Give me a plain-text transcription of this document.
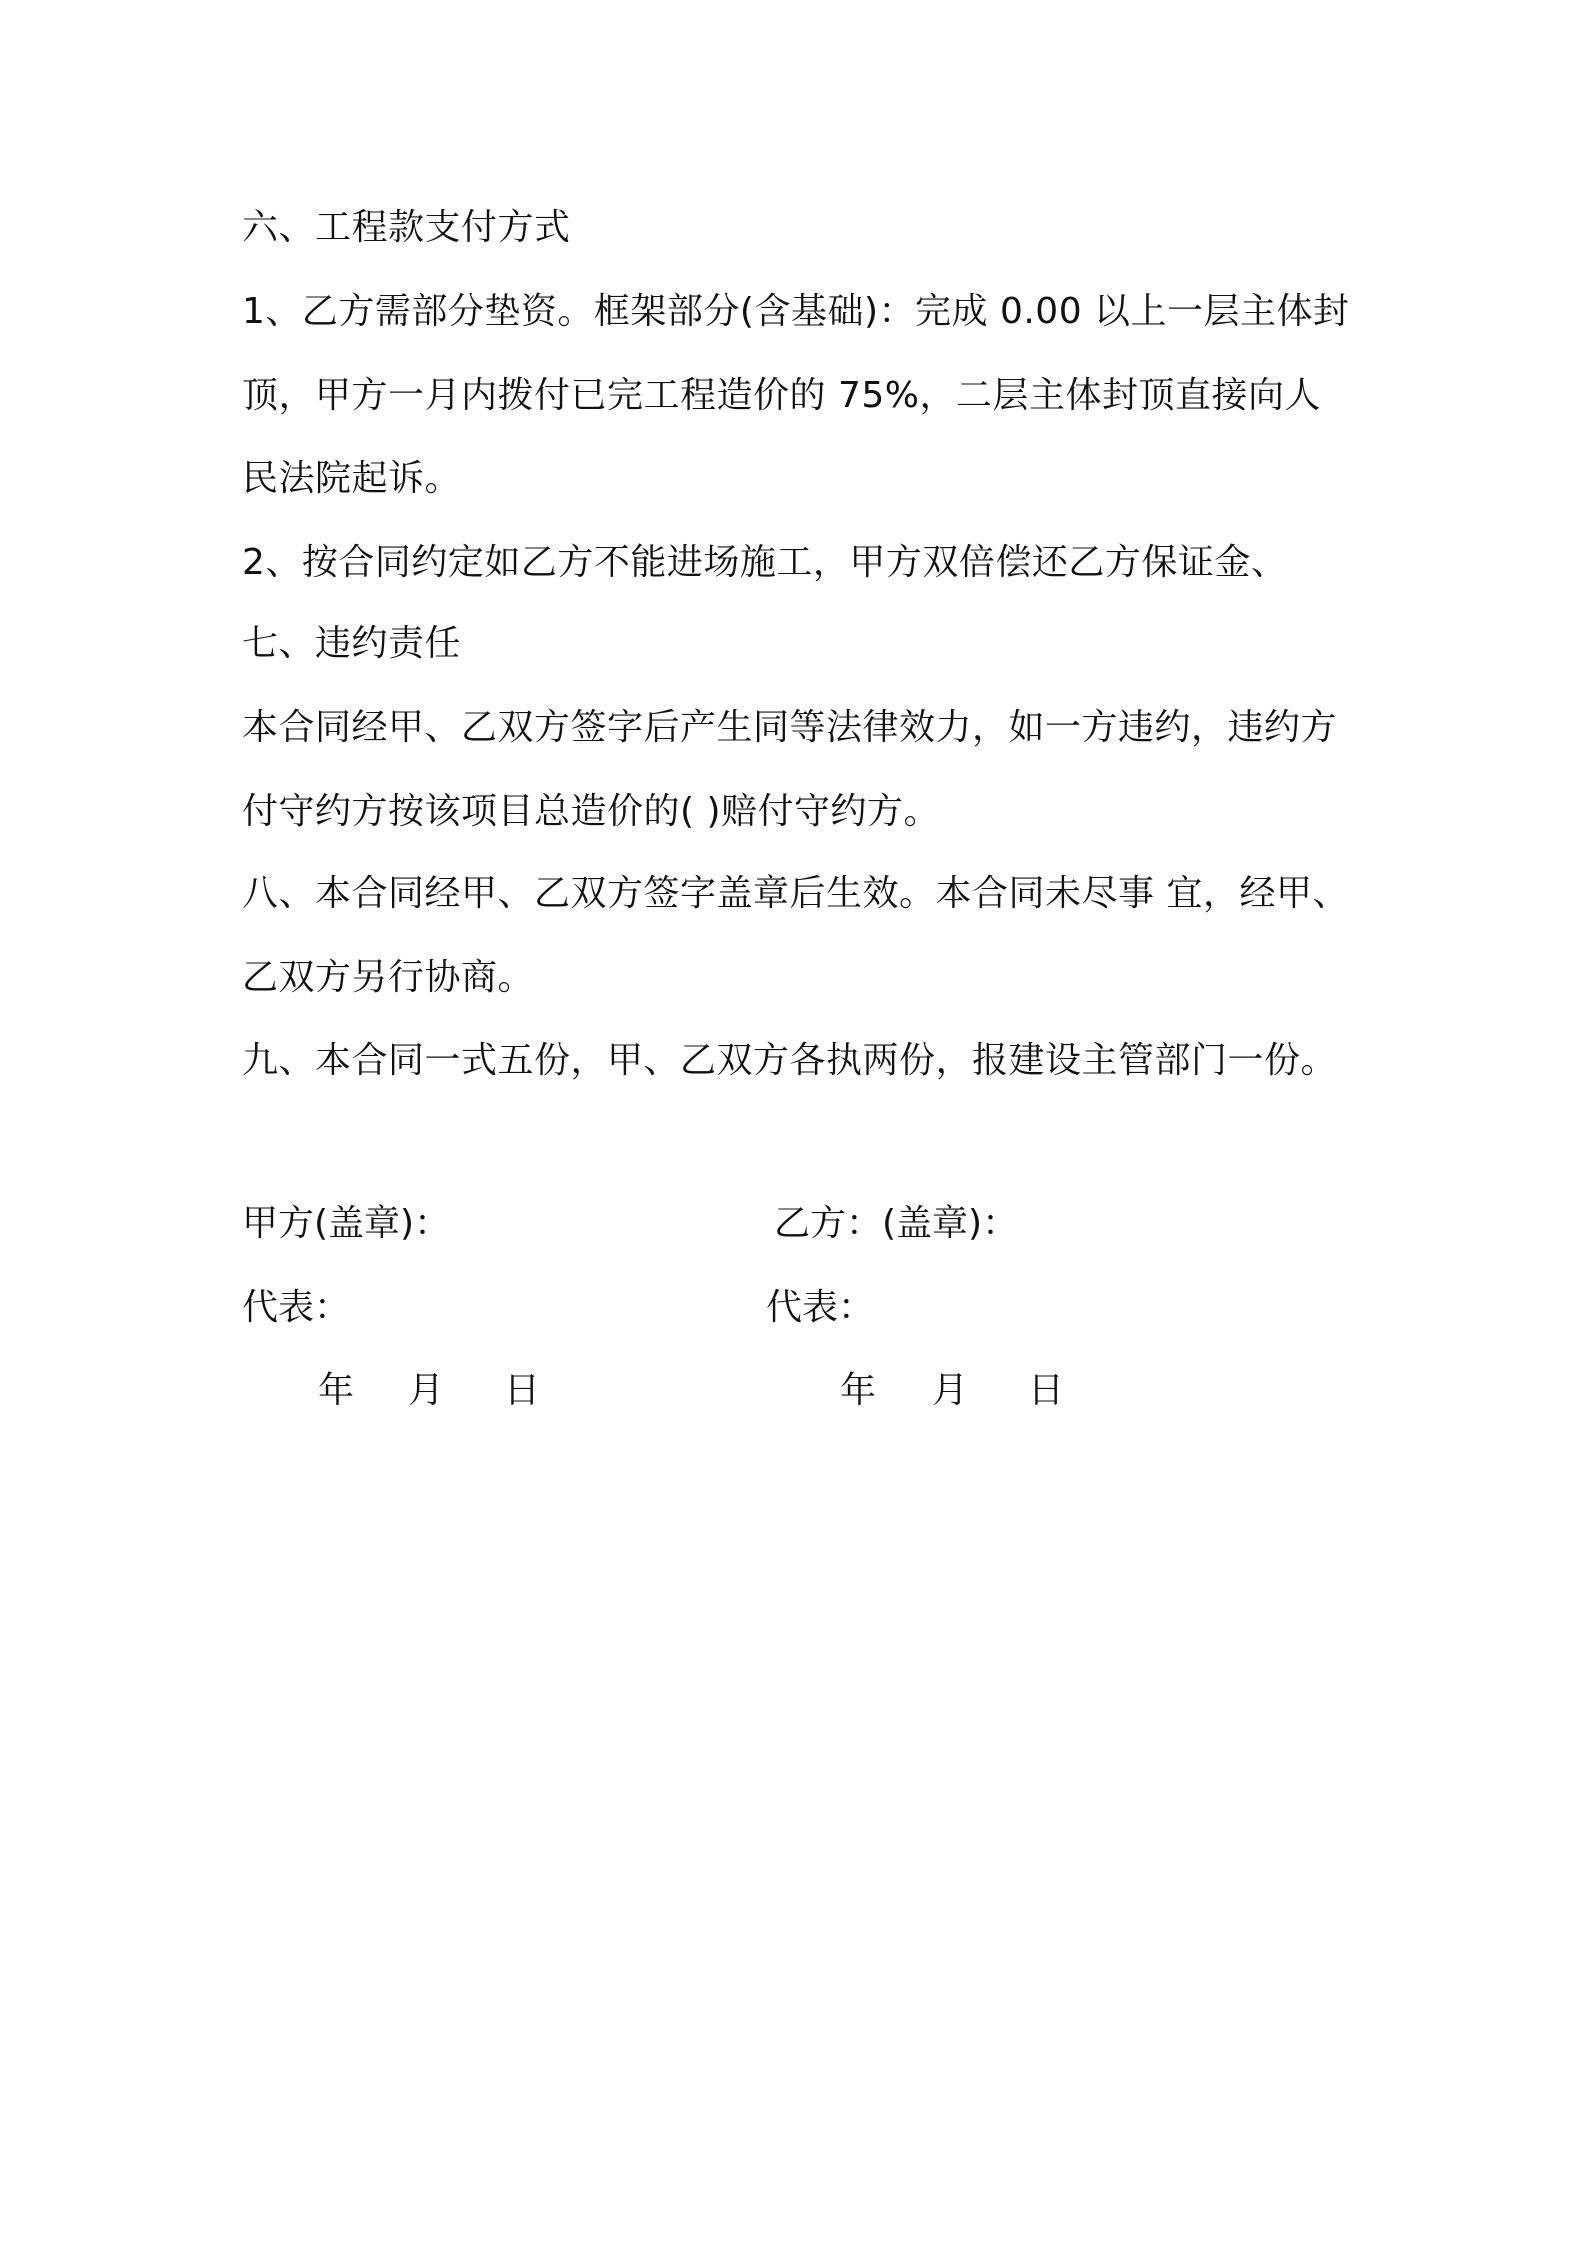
六、工程款支付方式
1、乙方需部分垫资。框架部分(含基础)：完成 0.00 以上一层主体封
顶，甲方一月内拨付已完工程造价的 75%，二层主体封顶直接向人
民法院起诉。
2、按合同约定如乙方不能进场施工，甲方双倍偿还乙方保证金、
七、违约责任
本合同经甲、乙双方签字后产生同等法律效力，如一方违约，违约方
付守约方按该项目总造价的( )赔付守约方。
八、本合同经甲、乙双方签字盖章后生效。本合同未尽事 宜，经甲、
乙双方另行协商。
九、本合同一式五份，甲、乙双方各执两份，报建设主管部门一份。
甲方(盖章)：	乙方：(盖章)：
代表：	代表：
年 月 日	年 月 日
